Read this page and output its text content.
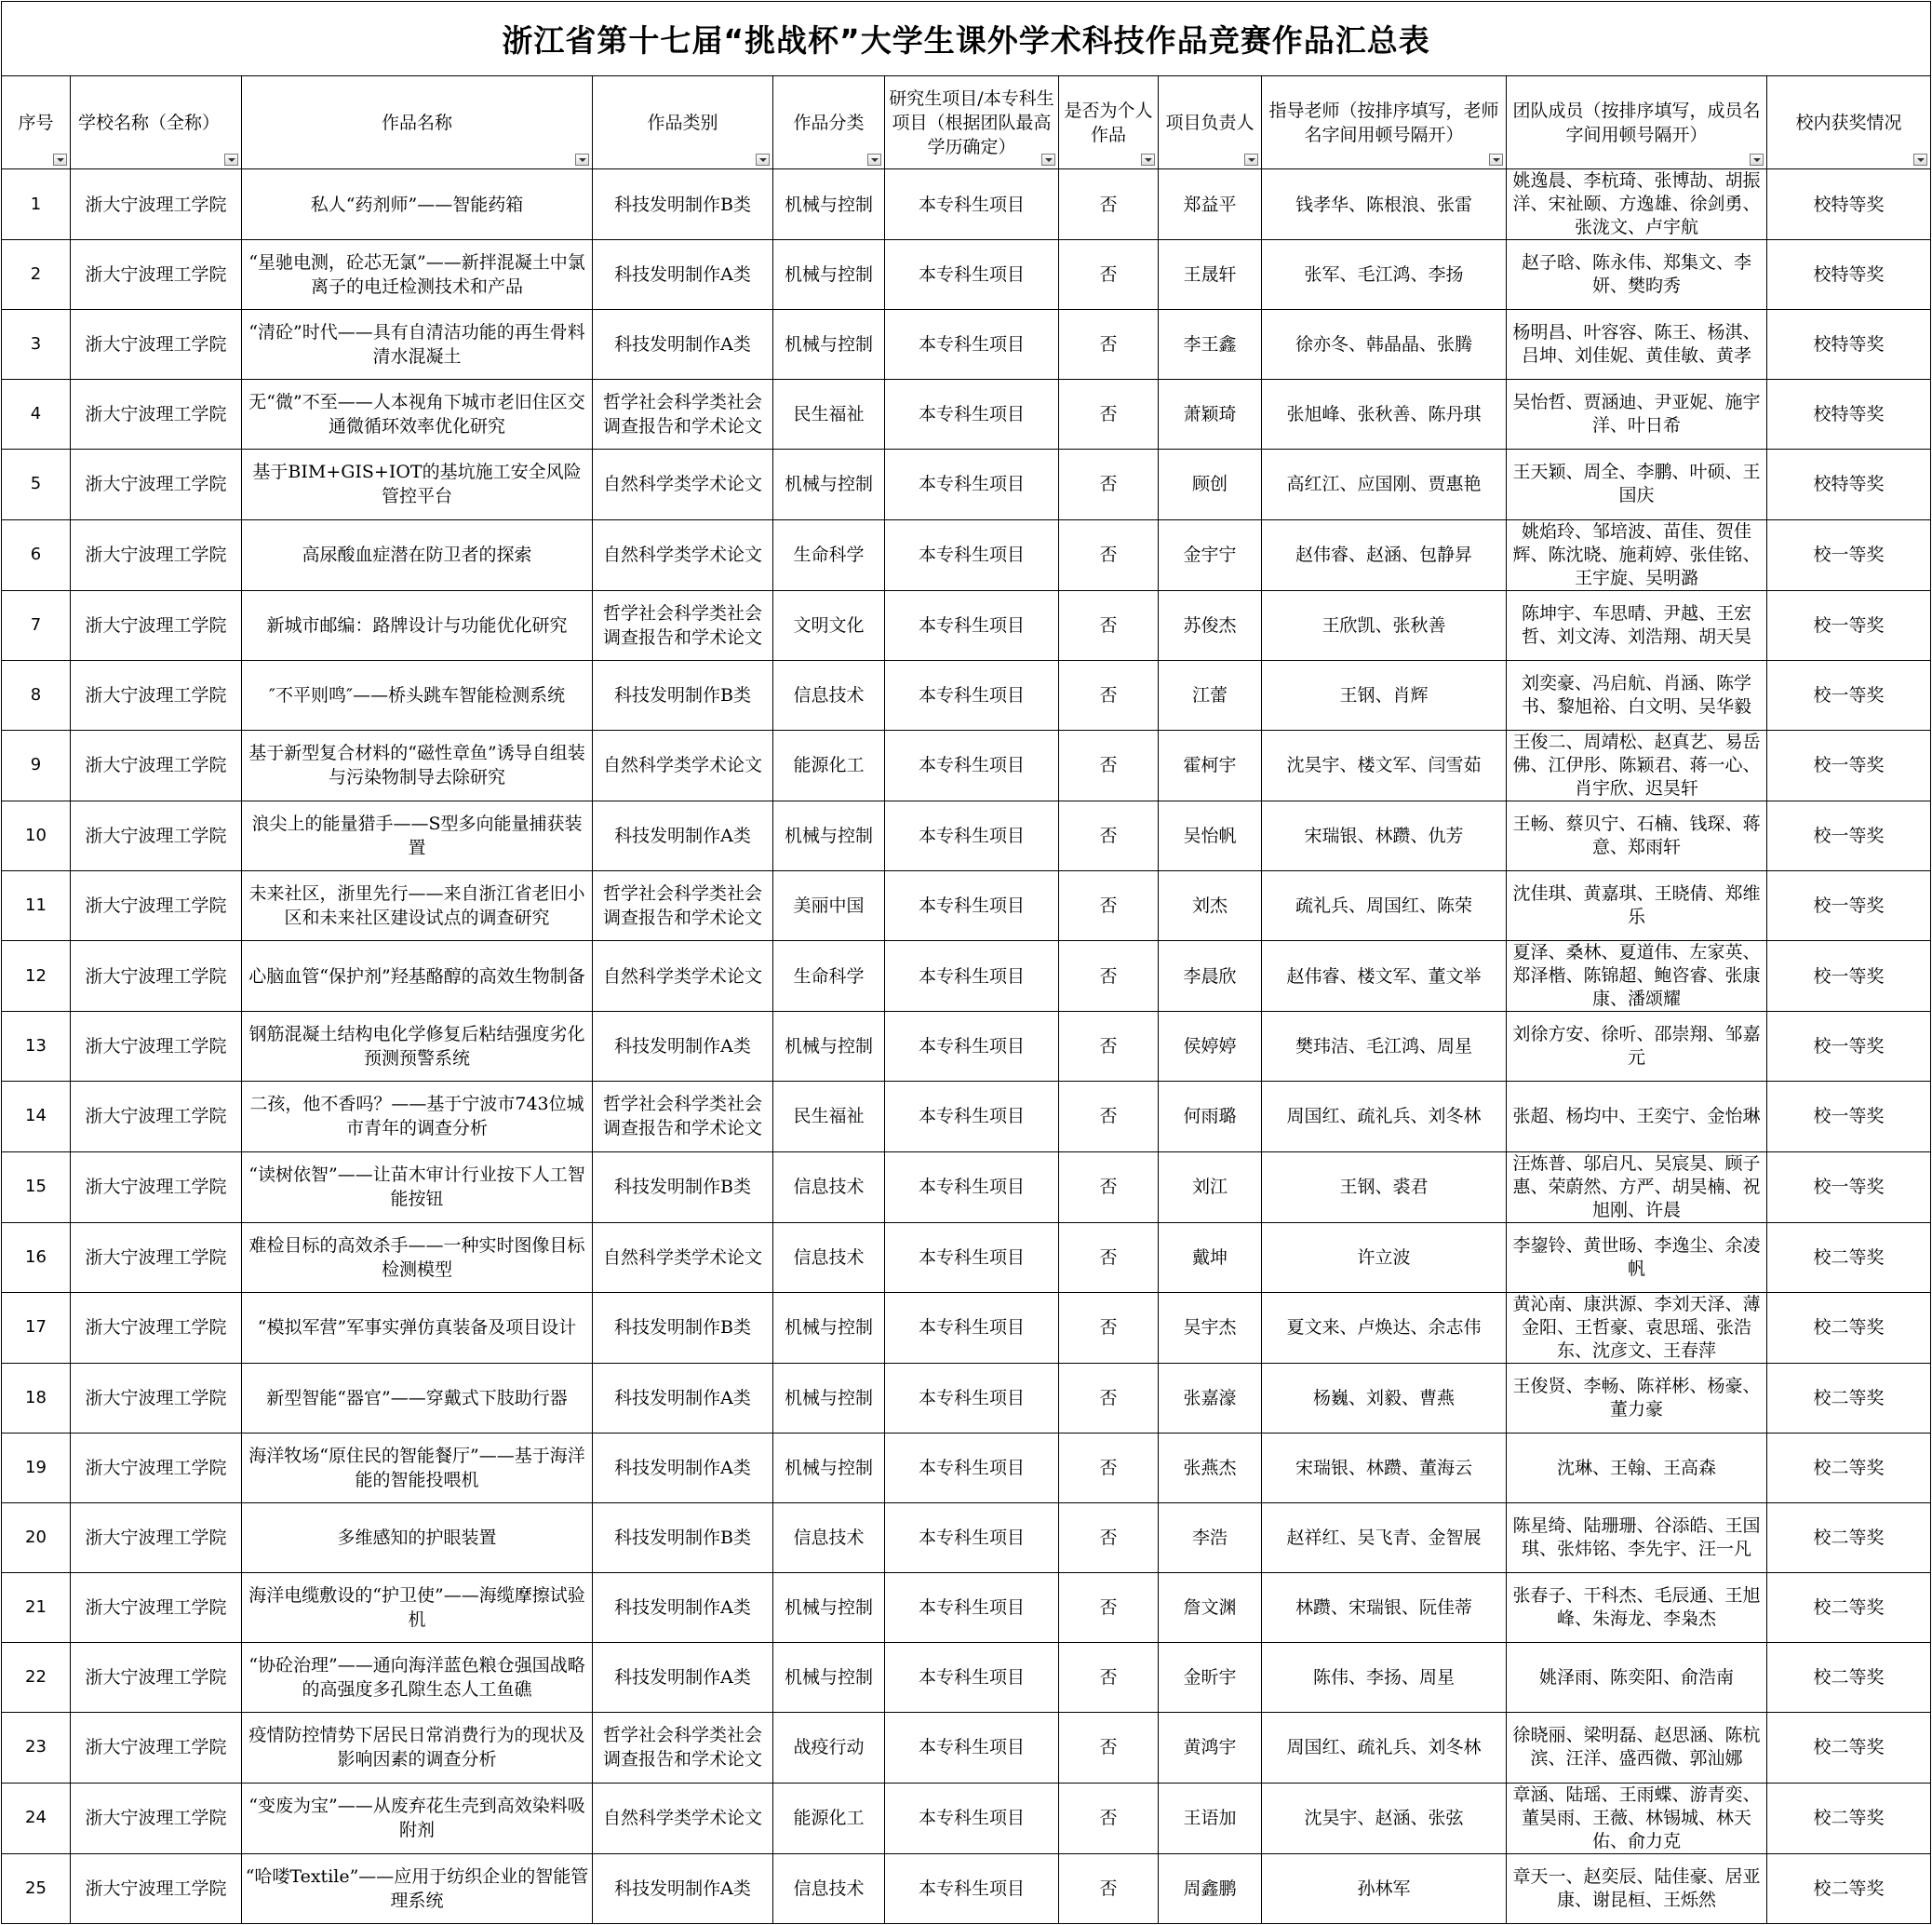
浙江省第十七届“挑战杯”大学生课外学术科技作品竞赛作品汇总表										
序号	学校名称（全称）	作品名称	作品类别	作品分类	研究生项目/本专科生项目（根据团队最高学历确定）	是否为个人作品	项目负责人	指导老师（按排序填写，老师名字间用顿号隔开）	团队成员（按排序填写，成员名字间用顿号隔开）	校内获奖情况

1	浙大宁波理工学院	私人“药剂师”——智能药箱	科技发明制作B类	机械与控制	本专科生项目	否	郑益平	钱孝华、陈根浪、张雷	姚逸晨、李杭琦、张博劼、胡振洋、宋祉颐、方逸雄、徐剑勇、张泷文、卢宇航	校特等奖
2	浙大宁波理工学院	“星驰电测，砼芯无氯”——新拌混凝土中氯离子的电迁检测技术和产品	科技发明制作A类	机械与控制	本专科生项目	否	王晟轩	张军、毛江鸿、李扬	赵子晗、陈永伟、郑集文、李妍、樊昀秀	校特等奖
3	浙大宁波理工学院	“清砼”时代——具有自清洁功能的再生骨料清水混凝土	科技发明制作A类	机械与控制	本专科生项目	否	李王鑫	徐亦冬、韩晶晶、张腾	杨明昌、叶容容、陈王、杨淇、吕坤、刘佳妮、黄佳敏、黄孝	校特等奖
4	浙大宁波理工学院	无“微”不至——人本视角下城市老旧住区交通微循环效率优化研究	哲学社会科学类社会调查报告和学术论文	民生福祉	本专科生项目	否	萧颖琦	张旭峰、张秋善、陈丹琪	吴怡哲、贾涵迪、尹亚妮、施宇洋、叶日希	校特等奖
5	浙大宁波理工学院	基于BIM+GIS+IOT的基坑施工安全风险管控平台	自然科学类学术论文	机械与控制	本专科生项目	否	顾创	高红江、应国刚、贾惠艳	王天颖、周全、李鹏、叶硕、王国庆	校特等奖
6	浙大宁波理工学院	高尿酸血症潜在防卫者的探索	自然科学类学术论文	生命科学	本专科生项目	否	金宇宁	赵伟睿、赵涵、包静昇	姚焰玲、邹培波、苗佳、贺佳辉、陈沈晓、施莉婷、张佳铭、王宇旋、吴明潞	校一等奖
7	浙大宁波理工学院	新城市邮编：路牌设计与功能优化研究	哲学社会科学类社会调查报告和学术论文	文明文化	本专科生项目	否	苏俊杰	王欣凯、张秋善	陈坤宇、车思晴、尹越、王宏哲、刘文涛、刘浩翔、胡天昊	校一等奖
8	浙大宁波理工学院	″不平则鸣″——桥头跳车智能检测系统	科技发明制作B类	信息技术	本专科生项目	否	江蕾	王钢、肖辉	刘奕豪、冯启航、肖涵、陈学书、黎旭裕、白文明、吴华毅	校一等奖
9	浙大宁波理工学院	基于新型复合材料的“磁性章鱼”诱导自组装与污染物制导去除研究	自然科学类学术论文	能源化工	本专科生项目	否	霍柯宇	沈昊宇、楼文军、闫雪茹	王俊二、周靖松、赵真艺、易岳佛、江伊彤、陈颖君、蒋一心、肖宇欣、迟昊轩	校一等奖
10	浙大宁波理工学院	浪尖上的能量猎手——S型多向能量捕获装置	科技发明制作A类	机械与控制	本专科生项目	否	吴怡帆	宋瑞银、林躜、仇芳	王畅、蔡贝宁、石楠、钱琛、蒋意、郑雨轩	校一等奖
11	浙大宁波理工学院	未来社区，浙里先行——来自浙江省老旧小区和未来社区建设试点的调查研究	哲学社会科学类社会调查报告和学术论文	美丽中国	本专科生项目	否	刘杰	疏礼兵、周国红、陈荣	沈佳琪、黄嘉琪、王晓倩、郑维乐	校一等奖
12	浙大宁波理工学院	心脑血管“保护剂”羟基酪醇的高效生物制备	自然科学类学术论文	生命科学	本专科生项目	否	李晨欣	赵伟睿、楼文军、董文举	夏泽、桑林、夏道伟、左家英、郑泽楷、陈锦超、鲍咨睿、张康康、潘颂耀	校一等奖
13	浙大宁波理工学院	钢筋混凝土结构电化学修复后粘结强度劣化预测预警系统	科技发明制作A类	机械与控制	本专科生项目	否	侯婷婷	樊玮洁、毛江鸿、周星	刘徐方安、徐听、邵崇翔、邹嘉元	校一等奖
14	浙大宁波理工学院	二孩，他不香吗？——基于宁波市743位城市青年的调查分析	哲学社会科学类社会调查报告和学术论文	民生福祉	本专科生项目	否	何雨璐	周国红、疏礼兵、刘冬林	张超、杨均中、王奕宁、金怡琳	校一等奖
15	浙大宁波理工学院	“读树依智”——让苗木审计行业按下人工智能按钮	科技发明制作B类	信息技术	本专科生项目	否	刘江	王钢、裘君	汪炼普、邬启凡、吴宸昊、顾子惠、荣蔚然、方严、胡昊楠、祝旭刚、许晨	校一等奖
16	浙大宁波理工学院	难检目标的高效杀手——一种实时图像目标检测模型	自然科学类学术论文	信息技术	本专科生项目	否	戴坤	许立波	李鋆铃、黄世旸、李逸尘、余凌帆	校二等奖
17	浙大宁波理工学院	“模拟军营”军事实弹仿真装备及项目设计	科技发明制作B类	机械与控制	本专科生项目	否	吴宇杰	夏文来、卢焕达、余志伟	黄沁南、康洪源、李刘天泽、薄金阳、王哲豪、袁思瑶、张浩东、沈彦文、王春萍	校二等奖
18	浙大宁波理工学院	新型智能“器官”——穿戴式下肢助行器	科技发明制作A类	机械与控制	本专科生项目	否	张嘉濠	杨巍、刘毅、曹燕	王俊贤、李畅、陈祥彬、杨豪、董力豪	校二等奖
19	浙大宁波理工学院	海洋牧场“原住民的智能餐厅”——基于海洋能的智能投喂机	科技发明制作A类	机械与控制	本专科生项目	否	张燕杰	宋瑞银、林躜、董海云	沈琳、王翰、王高森	校二等奖
20	浙大宁波理工学院	多维感知的护眼装置	科技发明制作B类	信息技术	本专科生项目	否	李浩	赵祥红、吴飞青、金智展	陈星绮、陆珊珊、谷添皓、王国琪、张炜铭、李先宇、汪一凡	校二等奖
21	浙大宁波理工学院	海洋电缆敷设的“护卫使”——海缆摩擦试验机	科技发明制作A类	机械与控制	本专科生项目	否	詹文渊	林躜、宋瑞银、阮佳蒂	张春子、干科杰、毛辰通、王旭峰、朱海龙、李枭杰	校二等奖
22	浙大宁波理工学院	“协砼治理”——通向海洋蓝色粮仓强国战略的高强度多孔隙生态人工鱼礁	科技发明制作A类	机械与控制	本专科生项目	否	金昕宇	陈伟、李扬、周星	姚泽雨、陈奕阳、俞浩南	校二等奖
23	浙大宁波理工学院	疫情防控情势下居民日常消费行为的现状及影响因素的调查分析	哲学社会科学类社会调查报告和学术论文	战疫行动	本专科生项目	否	黄鸿宇	周国红、疏礼兵、刘冬林	徐晓丽、梁明磊、赵思涵、陈杭滨、汪洋、盛西微、郭汕娜	校二等奖
24	浙大宁波理工学院	“变废为宝”——从废弃花生壳到高效染料吸附剂	自然科学类学术论文	能源化工	本专科生项目	否	王语加	沈昊宇、赵涵、张弦	章涵、陆瑶、王雨蝶、游青奕、董昊雨、王薇、林锡城、林天佑、俞力克	校二等奖
25	浙大宁波理工学院	“哈喽Textile”——应用于纺织企业的智能管理系统	科技发明制作A类	信息技术	本专科生项目	否	周鑫鹏	孙林军	章天一、赵奕辰、陆佳豪、居亚康、谢昆桓、王烁然	校二等奖
